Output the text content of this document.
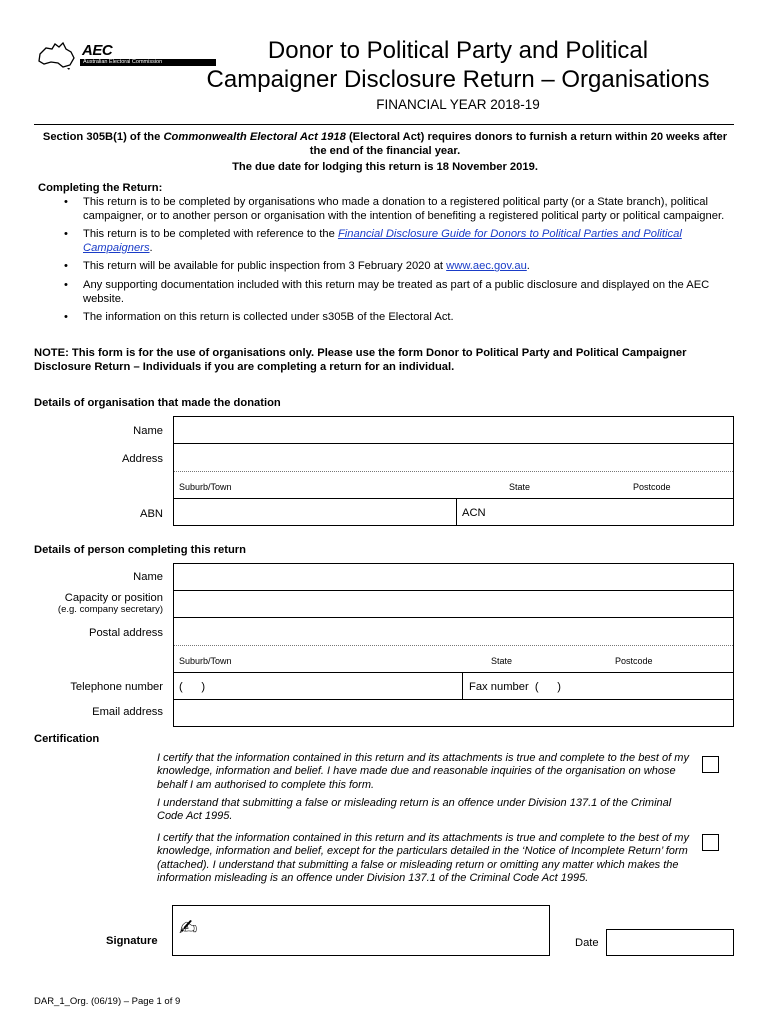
AEC
Australian Electoral Commission	Donor to Political Party and Political
Campaigner Disclosure Return – Organisations
FINANCIAL YEAR 2018-19
Section 305B(1) of the Commonwealth Electoral Act 1918 (Electoral Act) requires donors to furnish a return within 20 weeks after the end of the financial year.
The due date for lodging this return is 18 November 2019.
Completing the Return:
• This return is to be completed by organisations who made a donation to a registered political party (or a State branch), political campaigner, or to another person or organisation with the intention of benefiting a registered political party or political campaigner.
• This return is to be completed with reference to the Financial Disclosure Guide for Donors to Political Parties and Political Campaigners.
• This return will be available for public inspection from 3 February 2020 at www.aec.gov.au.
• Any supporting documentation included with this return may be treated as part of a public disclosure and displayed on the AEC website.
• The information on this return is collected under s305B of the Electoral Act.
NOTE: This form is for the use of organisations only. Please use the form Donor to Political Party and Political Campaigner Disclosure Return – Individuals if you are completing a return for an individual.
Details of organisation that made the donation
Name
Address
Suburb/Town	State	Postcode
ABN	ACN
Details of person completing this return
Name
Capacity or position
(e.g. company secretary)
Postal address
Suburb/Town	State	Postcode
Telephone number (      )	Fax number  (      )
Email address
Certification
I certify that the information contained in this return and its attachments is true and complete to the best of my knowledge, information and belief. I have made due and reasonable inquiries of the organisation on whose behalf I am authorised to complete this form.
I understand that submitting a false or misleading return is an offence under Division 137.1 of the Criminal Code Act 1995.
I certify that the information contained in this return and its attachments is true and complete to the best of my knowledge, information and belief, except for the particulars detailed in the ‘Notice of Incomplete Return’ form (attached). I understand that submitting a false or misleading return or omitting any matter which makes the information misleading is an offence under Division 137.1 of the Criminal Code Act 1995.
Signature ✍
Date
DAR_1_Org. (06/19) – Page 1 of 9
